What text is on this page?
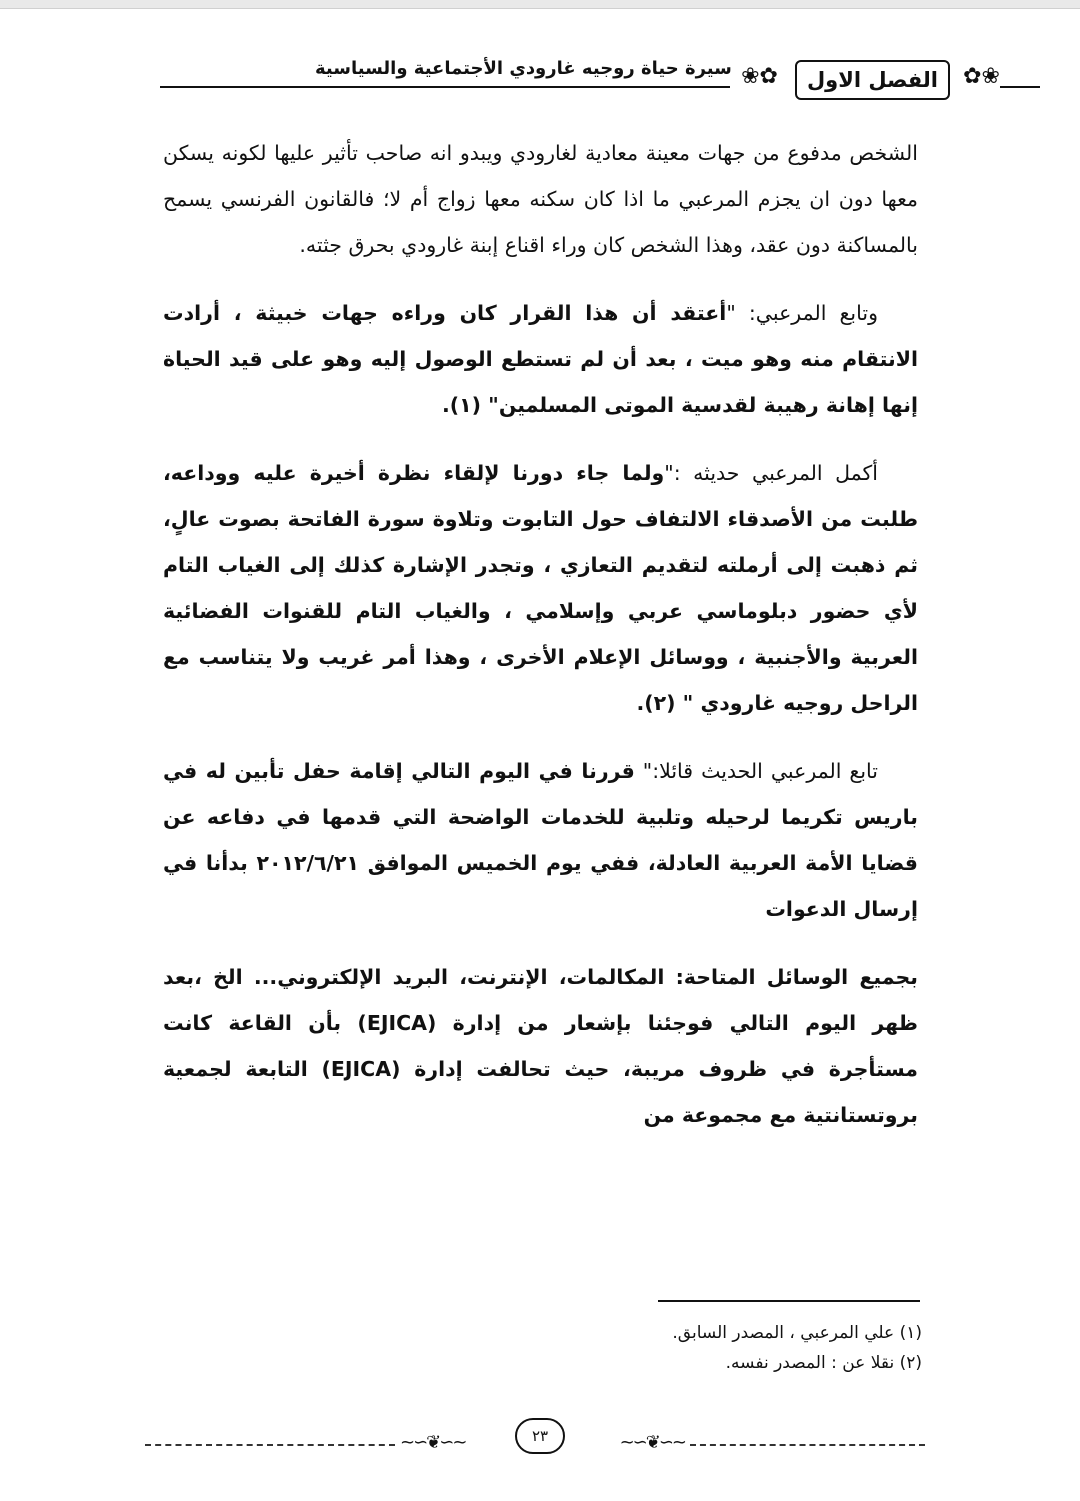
✿❀
الفصل الاول
❀✿
سيرة حياة روجيه غارودي الأجتماعية والسياسية

الشخص مدفوع من جهات معينة معادية لغارودي ويبدو انه صاحب تأثير عليها لكونه يسكن معها دون ان يجزم المرعبي ما اذا كان سكنه معها زواج أم لا؛ فالقانون الفرنسي يسمح بالمساكنة دون عقد، وهذا الشخص كان وراء اقناع إبنة غارودي بحرق جثته.

وتابع المرعبي: "أعتقد أن هذا القرار كان وراءه جهات خبيثة ، أرادت الانتقام منه وهو ميت ، بعد أن لم تستطع الوصول إليه وهو على قيد الحياة إنها إهانة رهيبة لقدسية الموتى المسلمين" (١).

أكمل المرعبي حديثه :"ولما جاء دورنا لإلقاء نظرة أخيرة عليه ووداعه، طلبت من الأصدقاء الالتفاف حول التابوت وتلاوة سورة الفاتحة بصوت عالٍ، ثم ذهبت إلى أرملته لتقديم التعازي ، وتجدر الإشارة كذلك إلى الغياب التام لأي حضور دبلوماسي عربي وإسلامي ، والغياب التام للقنوات الفضائية العربية والأجنبية ، ووسائل الإعلام الأخرى ، وهذا أمر غريب ولا يتناسب مع الراحل روجيه غارودي " (٢).

تابع المرعبي الحديث قائلا:" قررنا في اليوم التالي إقامة حفل تأبين له في باريس تكريما لرحيله وتلبية للخدمات الواضحة التي قدمها في دفاعه عن قضايا الأمة العربية العادلة، ففي يوم الخميس الموافق ٢٠١٢/٦/٢١ بدأنا في إرسال الدعوات

بجميع الوسائل المتاحة: المكالمات، الإنترنت، البريد الإلكتروني... الخ ،بعد ظهر اليوم التالي فوجئنا بإشعار من إدارة (EJICA) بأن القاعة كانت مستأجرة في ظروف مريبة، حيث تحالفت إدارة (EJICA) التابعة لجمعية بروتستانتية مع مجموعة من

(١) علي المرعبي ، المصدر السابق.
(٢) نقلا عن : المصدر نفسه.
~∽❦∽~	٢٣	~∽❦∽~
